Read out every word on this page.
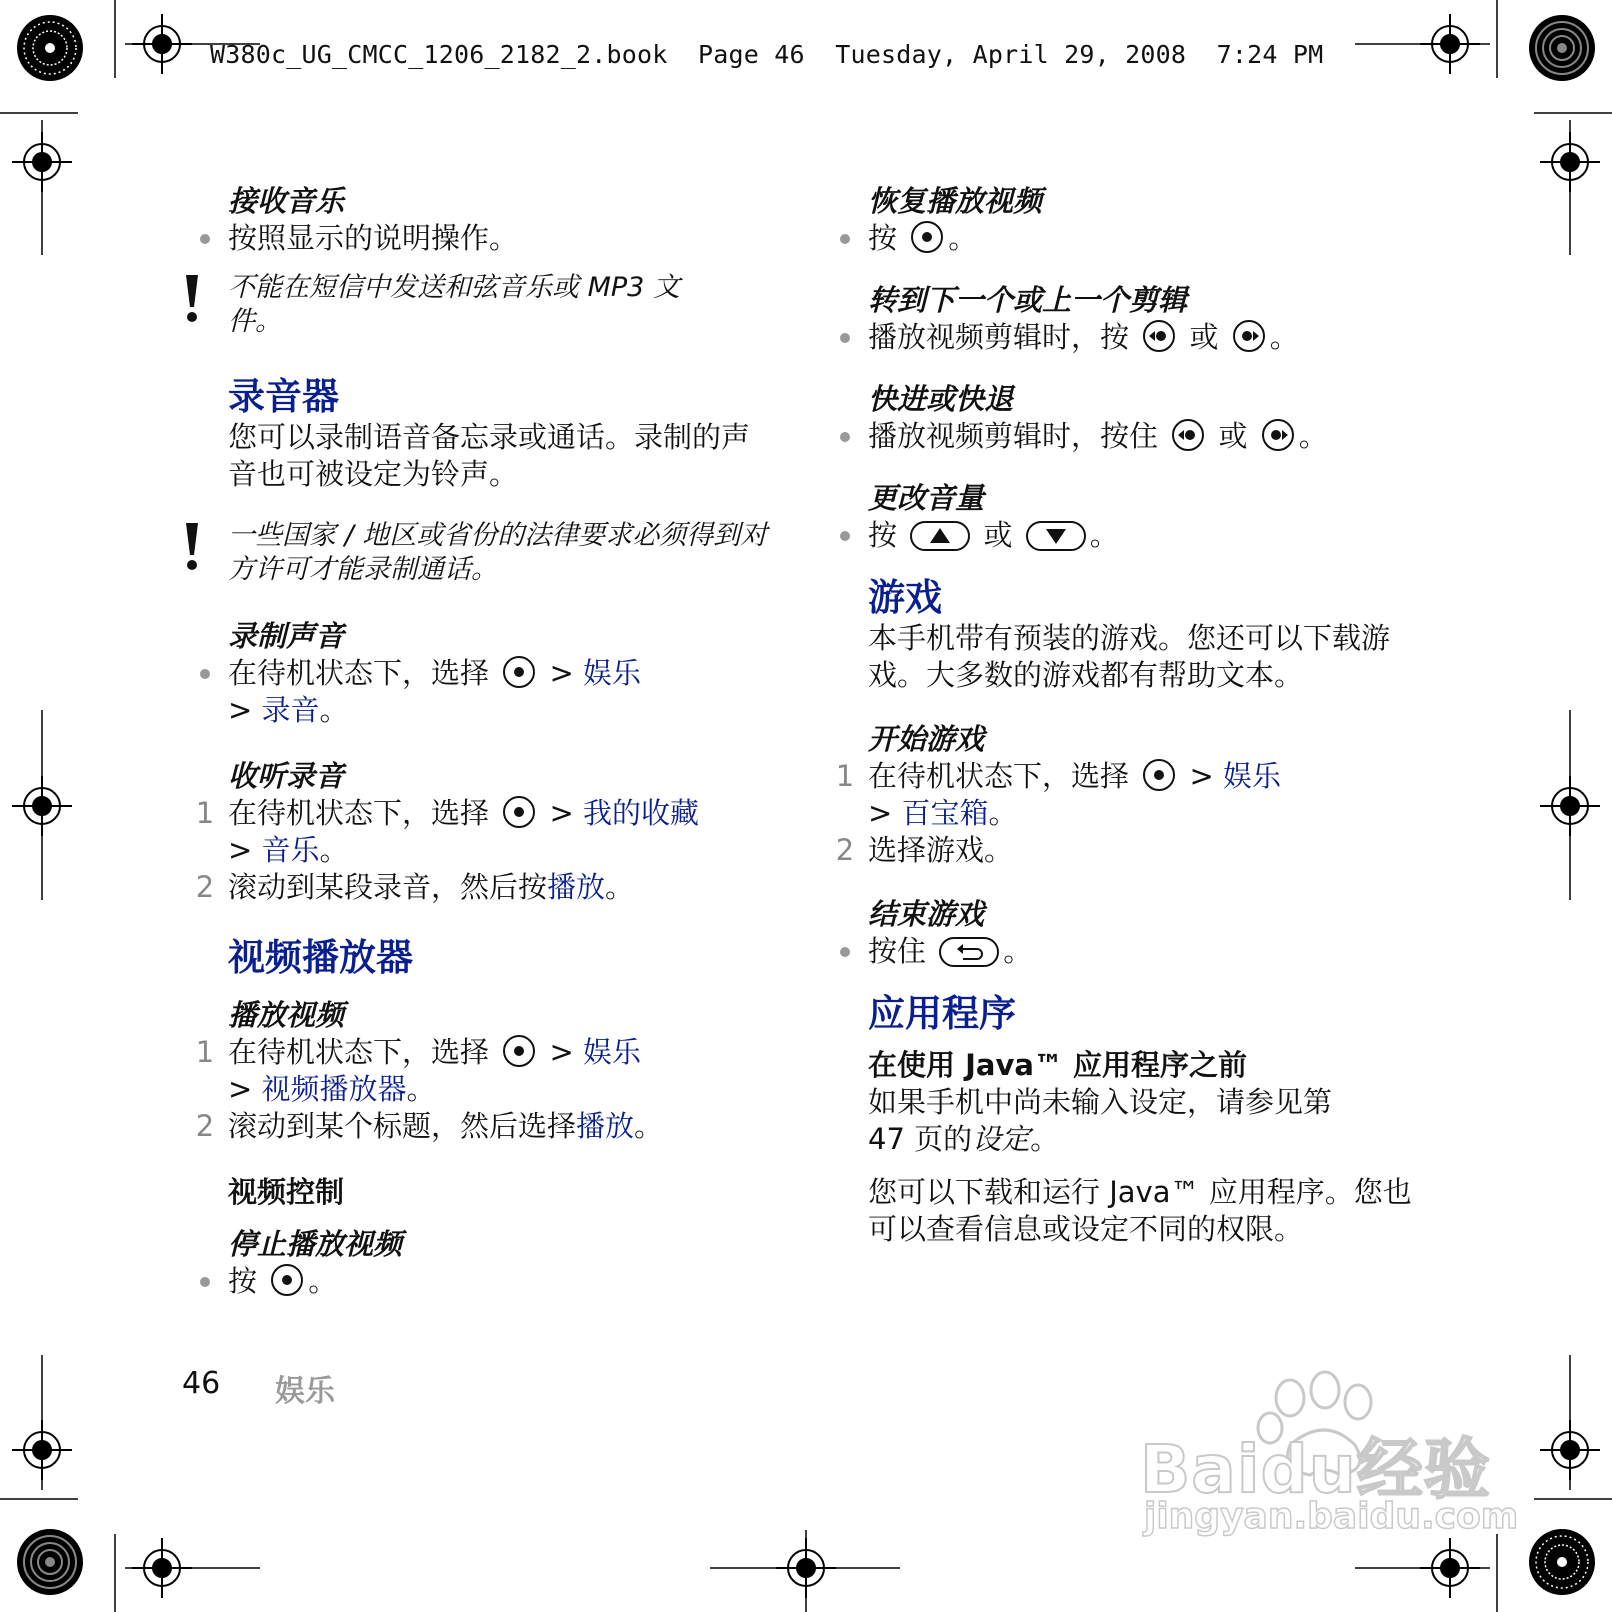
W380c_UG_CMCC_1206_2182_2.book  Page 46  Tuesday, April 29, 2008  7:24 PM
接收音乐
按照显示的说明操作。
不能在短信中发送和弦音乐或 MP3 文件。
录音器
您可以录制语音备忘录或通话。录制的声音也可被设定为铃声。
一些国家 / 地区或省份的法律要求必须得到对方许可才能录制通话。
录制声音
在待机状态下，选择 > 娱乐
> 录音。
收听录音
1 在待机状态下，选择 > 我的收藏
> 音乐。
2 滚动到某段录音，然后按播放。
视频播放器
播放视频
1 在待机状态下，选择 > 娱乐
> 视频播放器。
2 滚动到某个标题，然后选择播放。
视频控制
停止播放视频
按 。
恢复播放视频
按 。
转到下一个或上一个剪辑
播放视频剪辑时，按 或 。
快进或快退
播放视频剪辑时，按住 或 。
更改音量
按	或	。
游戏
本手机带有预装的游戏。您还可以下载游戏。大多数的游戏都有帮助文本。
开始游戏
1 在待机状态下，选择 > 娱乐
> 百宝箱。
2 选择游戏。
结束游戏
按住	。
应用程序
在使用 Java™ 应用程序之前
如果手机中尚未输入设定，请参见第 47 页的设定。
您可以下载和运行 Java™ 应用程序。您也可以查看信息或设定不同的权限。
46 娱乐
Baidu经验
jingyan.baidu.com
